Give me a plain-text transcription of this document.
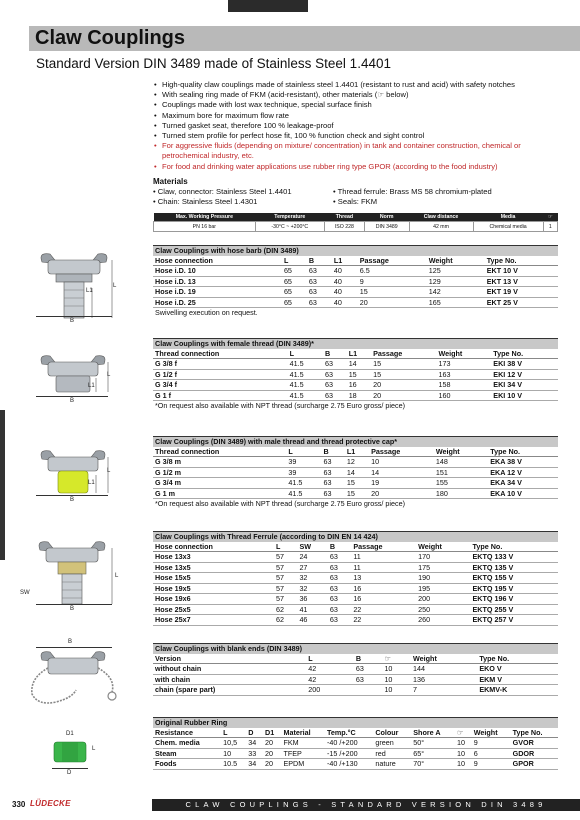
Claw Couplings
Standard Version DIN 3489 made of Stainless Steel 1.4401
• High-quality claw couplings made of stainless steel 1.4401 (resistant to rust and acid) with safety notches
• With sealing ring made of FKM (acid-resistant), other materials (☞ below)
• Couplings made with lost wax technique, special surface finish
• Maximum bore for maximum flow rate
• Turned gasket seat, therefore 100 % leakage-proof
• Turned stem profile for perfect hose fit, 100 % function check and sight control
• For aggressive fluids (depending on mixture/ concentration) in tank and container construction, chemical or petrochemical industry, etc.
• For food and drinking water applications use rubber ring type GPOR (according to the food industry)
Materials
• Claw, connector: Stainless Steel 1.4401
• Chain: Stainless Steel 1.4301
• Thread ferrule: Brass MS 58 chromium-plated
• Seals: FKM
Max. Working Pressure	Temperature	Thread	Norm	Claw distance	Media	☞
PN 16 bar	-30°C ~ +200°C	ISO 228	DIN 3489	42 mm	Chemical media	1
Claw Couplings with hose barb (DIN 3489)
Hose connection	L	B	L1	Passage	Weight	Type No.
Hose i.D. 10	65	63	40	6.5	125	EKT 10 V
Hose i.D. 13	65	63	40	9	129	EKT 13 V
Hose i.D. 19	65	63	40	15	142	EKT 19 V
Hose i.D. 25	65	63	40	20	165	EKT 25 V
Swivelling execution on request.
Claw Couplings with female thread (DIN 3489)*
Thread connection	L	B	L1	Passage	Weight	Type No.
G 3/8 f	41.5	63	14	15	173	EKI 38 V
G 1/2 f	41.5	63	15	15	163	EKI 12 V
G 3/4 f	41.5	63	16	20	158	EKI 34 V
G 1 f	41.5	63	18	20	160	EKI 10 V
*On request also available with NPT thread (surcharge 2.75 Euro gross/ piece)
Claw Couplings (DIN 3489) with male thread and thread protective cap*
Thread connection	L	B	L1	Passage	Weight	Type No.
G 3/8 m	39	63	12	10	148	EKA 38 V
G 1/2 m	39	63	14	14	151	EKA 12 V
G 3/4 m	41.5	63	15	19	155	EKA 34 V
G 1 m	41.5	63	15	20	180	EKA 10 V
*On request also available with NPT thread (surcharge 2.75 Euro gross/ piece)
Claw Couplings with Thread Ferrule (according to DIN EN 14 424)
Hose connection	L	SW	B	Passage	Weight	Type No.
Hose 13x3	57	24	63	11	170	EKTQ 133 V
Hose 13x5	57	27	63	11	175	EKTQ 135 V
Hose 15x5	57	32	63	13	190	EKTQ 155 V
Hose 19x5	57	32	63	16	195	EKTQ 195 V
Hose 19x6	57	36	63	16	200	EKTQ 196 V
Hose 25x5	62	41	63	22	250	EKTQ 255 V
Hose 25x7	62	46	63	22	260	EKTQ 257 V
Claw Couplings with blank ends (DIN 3489)
Version	L		B	☞	Weight	Type No.
without chain	42		63	10	144	EKO V
with chain	42		63	10	136	EKM V
chain (spare part)	200			10	7	EKMV-K
Original Rubber Ring
Resistance	L	D	D1	Material	Temp.°C	Colour	Shore A	☞	Weight	Type No.
Chem. media	10,5	34	20	FKM	-40 /+200	green	50°	10	9	GVOR
Steam	10	33	20	TFEP	-15 /+200	red	65°	10	6	GDOR
Foods	10.5	34	20	EPDM	-40 /+130	nature	70°	10	9	GPOR
L
L1
B
L
L1
B
L
L1
B
L
SW
B
B
D1
L
D
330 LÜDECKE	CLAW COUPLINGS - STANDARD VERSION DIN 3489
